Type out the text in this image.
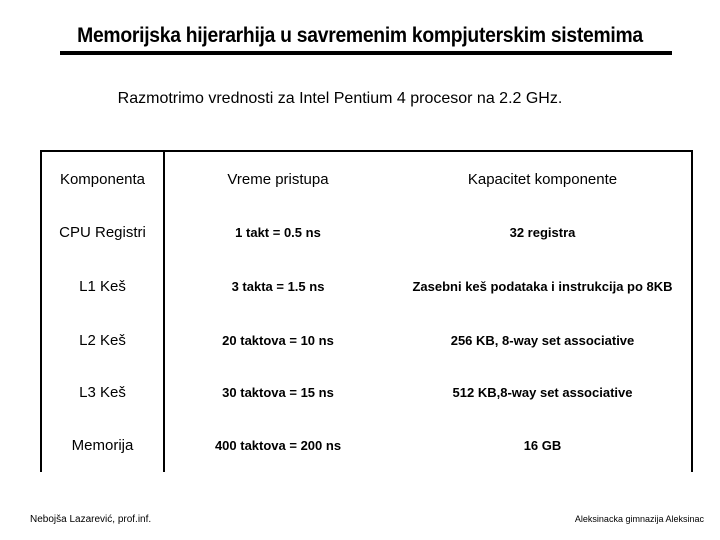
Memorijska hijerarhija u savremenim kompjuterskim sistemima
Razmotrimo vrednosti za Intel Pentium 4 procesor na 2.2 GHz.
Komponenta	Vreme pristupa	Kapacitet komponente
CPU Registri	1 takt = 0.5 ns	32 registra
L1 Keš	3 takta = 1.5 ns	Zasebni keš podataka i instrukcija po 8KB
L2 Keš	20 taktova = 10 ns	256 KB, 8-way set associative
L3 Keš	30 taktova = 15 ns	512 KB,8-way set associative
Memorija	400 taktova = 200 ns	16 GB
Nebojša Lazarević, prof.inf.	Aleksinacka gimnazija Aleksinac
